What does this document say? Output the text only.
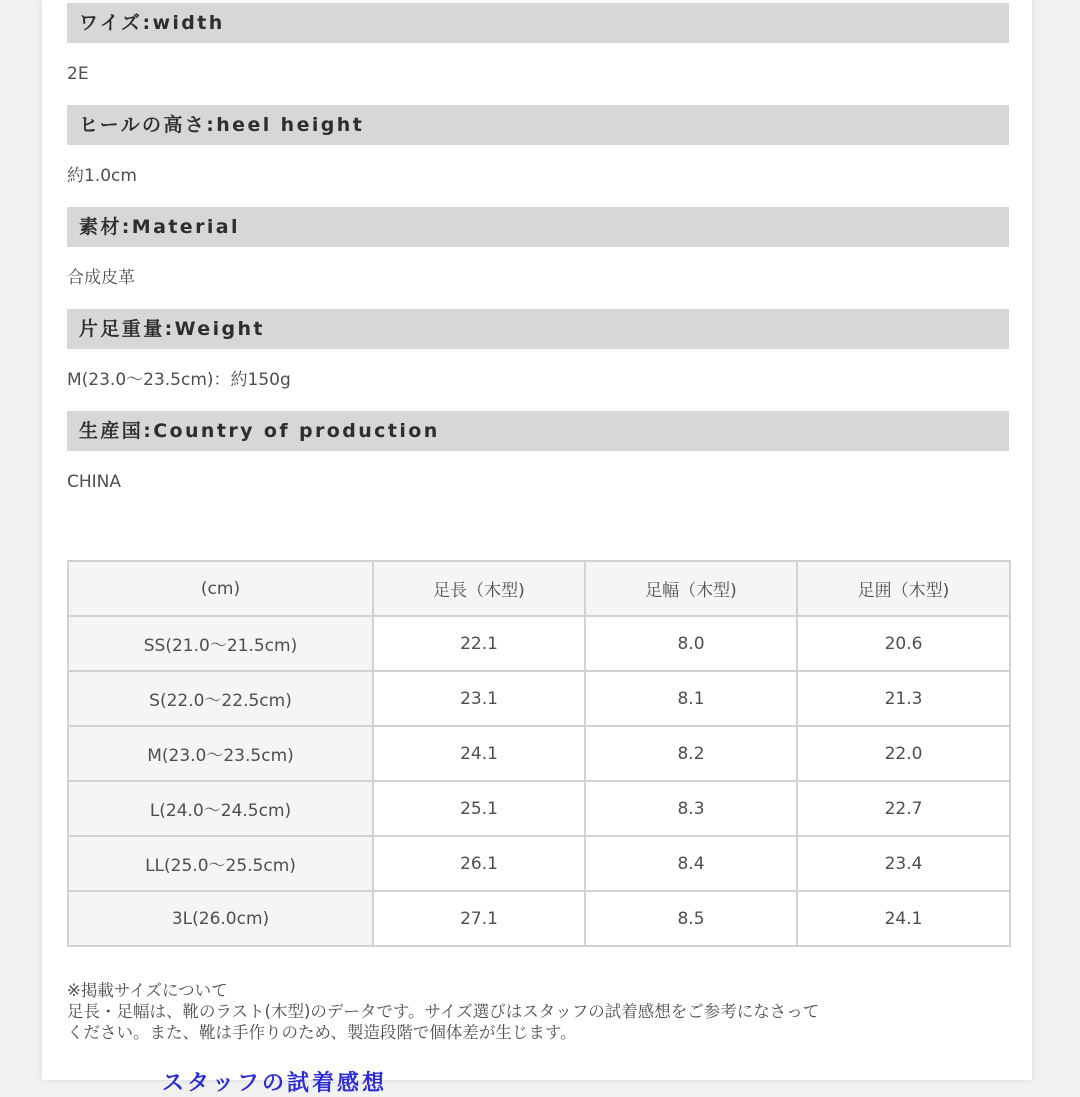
ワイズ:width
2E
ヒールの高さ:heel height
約1.0cm
素材:Material
合成皮革
片足重量:Weight
M(23.0〜23.5cm)：約150g
生産国:Country of production
CHINA
(cm)	足長（木型)	足幅（木型)	足囲（木型)
SS(21.0〜21.5cm)	22.1	8.0	20.6
S(22.0〜22.5cm)	23.1	8.1	21.3
M(23.0〜23.5cm)	24.1	8.2	22.0
L(24.0〜24.5cm)	25.1	8.3	22.7
LL(25.0〜25.5cm)	26.1	8.4	23.4
3L(26.0cm)	27.1	8.5	24.1
※掲載サイズについて
足長・足幅は、靴のラスト(木型)のデータです。サイズ選びはスタッフの試着感想をご参考になさって
ください。また、靴は手作りのため、製造段階で個体差が生じます。
スタッフの試着感想
